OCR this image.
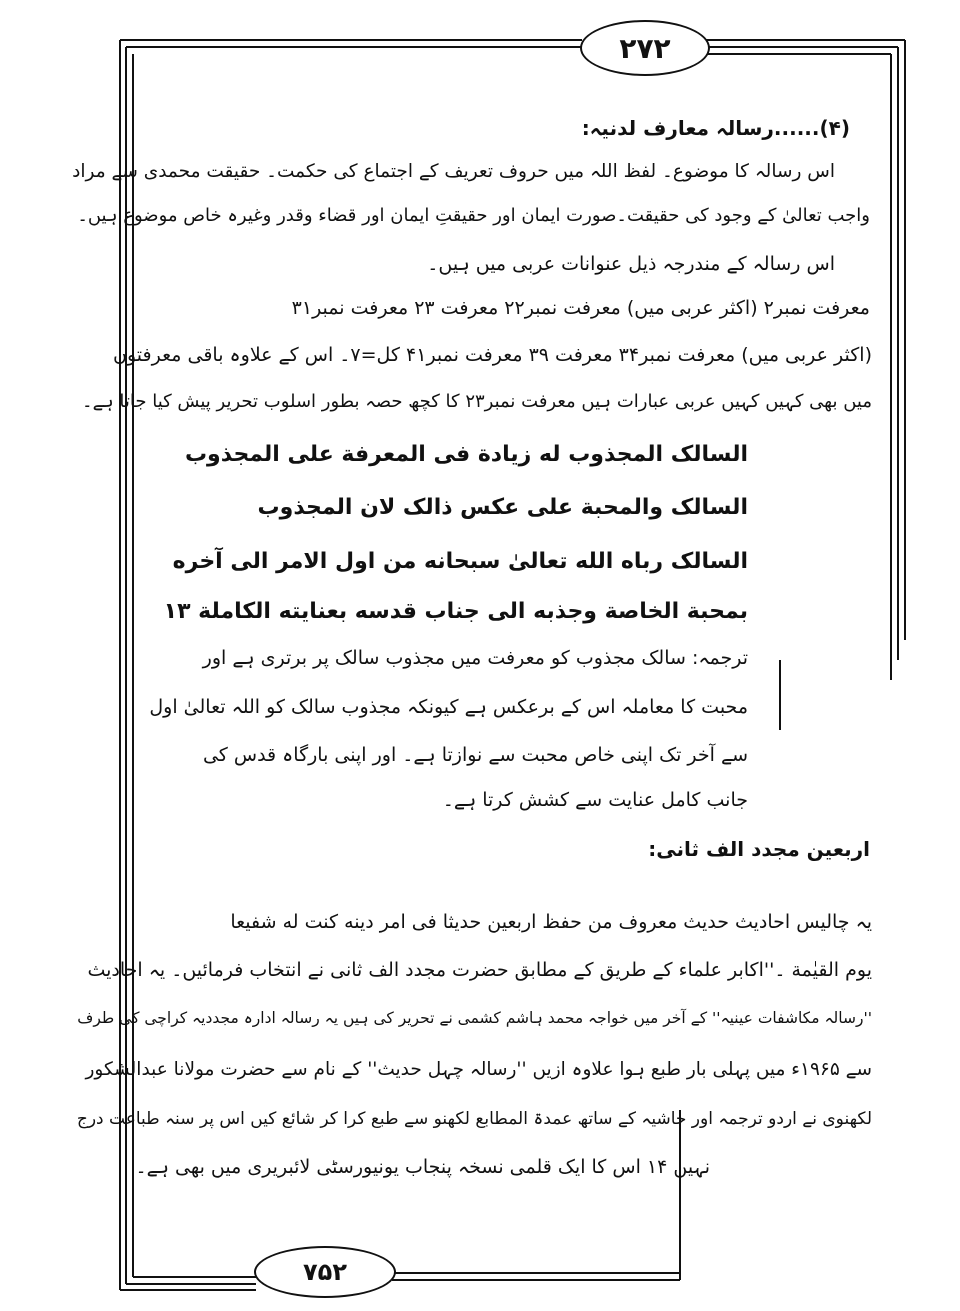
۲۷۲
۷۵۲
(۴)......رسالہ معارف لدنیہ:
اس رسالہ کا موضوع۔ لفظ اللہ میں حروف تعریف کے اجتماع کی حکمت۔ حقیقت محمدی سے مراد
واجب تعالیٰ کے وجود کی حقیقت۔صورت ایمان اور حقیقتِ ایمان اور قضاء وقدر وغیرہ خاص موضوع ہیں۔
اس رسالہ کے مندرجہ ذیل عنوانات عربی میں ہیں۔
معرفت نمبر۲ (اکثر عربی میں) معرفت نمبر۲۲ معرفت ۲۳ معرفت نمبر۳۱
(اکثر عربی میں) معرفت نمبر۳۴ معرفت ۳۹ معرفت نمبر۴۱ کل=۷۔ اس کے علاوہ باقی معرفتوں
میں بھی کہیں کہیں عربی عبارات ہیں معرفت نمبر۲۳ کا کچھ حصہ بطور اسلوب تحریر پیش کیا جاتا ہے۔
السالک المجذوب له زیادة فی المعرفة علی المجذوب
السالک والمحبة علی عکس ذالک لان المجذوب
السالک رباه الله تعالیٰ سبحانه من اول الامر الی آخره
بمحبة الخاصة وجذبه الی جناب قدسه بعنایته الکاملة ۱۳
ترجمہ: سالک مجذوب کو معرفت میں مجذوب سالک پر برتری ہے اور
محبت کا معاملہ اس کے برعکس ہے کیونکہ مجذوب سالک کو اللہ تعالیٰ اول
سے آخر تک اپنی خاص محبت سے نوازتا ہے۔ اور اپنی بارگاہ قدس کی
جانب کامل عنایت سے کشش کرتا ہے۔
اربعین مجدد الف ثانی:
یہ چالیس احادیث حدیث معروف من حفظ اربعین حدیثا فی امر دینه کنت له شفیعا
یوم القیٰمة ۔''اکابر علماء کے طریق کے مطابق حضرت مجدد الف ثانی نے انتخاب فرمائیں۔ یہ احادیث
''رسالہ مکاشفات عینیہ'' کے آخر میں خواجہ محمد ہاشم کشمی نے تحریر کی ہیں یہ رسالہ ادارہ مجددیہ کراچی کی طرف
سے ۱۹۶۵ء میں پہلی بار طبع ہوا علاوہ ازیں ''رسالہ چہل حدیث'' کے نام سے حضرت مولانا عبدالشکور
لکھنوی نے اردو ترجمہ اور حاشیہ کے ساتھ عمدۃ المطابع لکھنو سے طبع کرا کر شائع کیں اس پر سنہ طباعت درج
نہیں ۱۴ اس کا ایک قلمی نسخہ پنجاب یونیورسٹی لائبریری میں بھی ہے۔
